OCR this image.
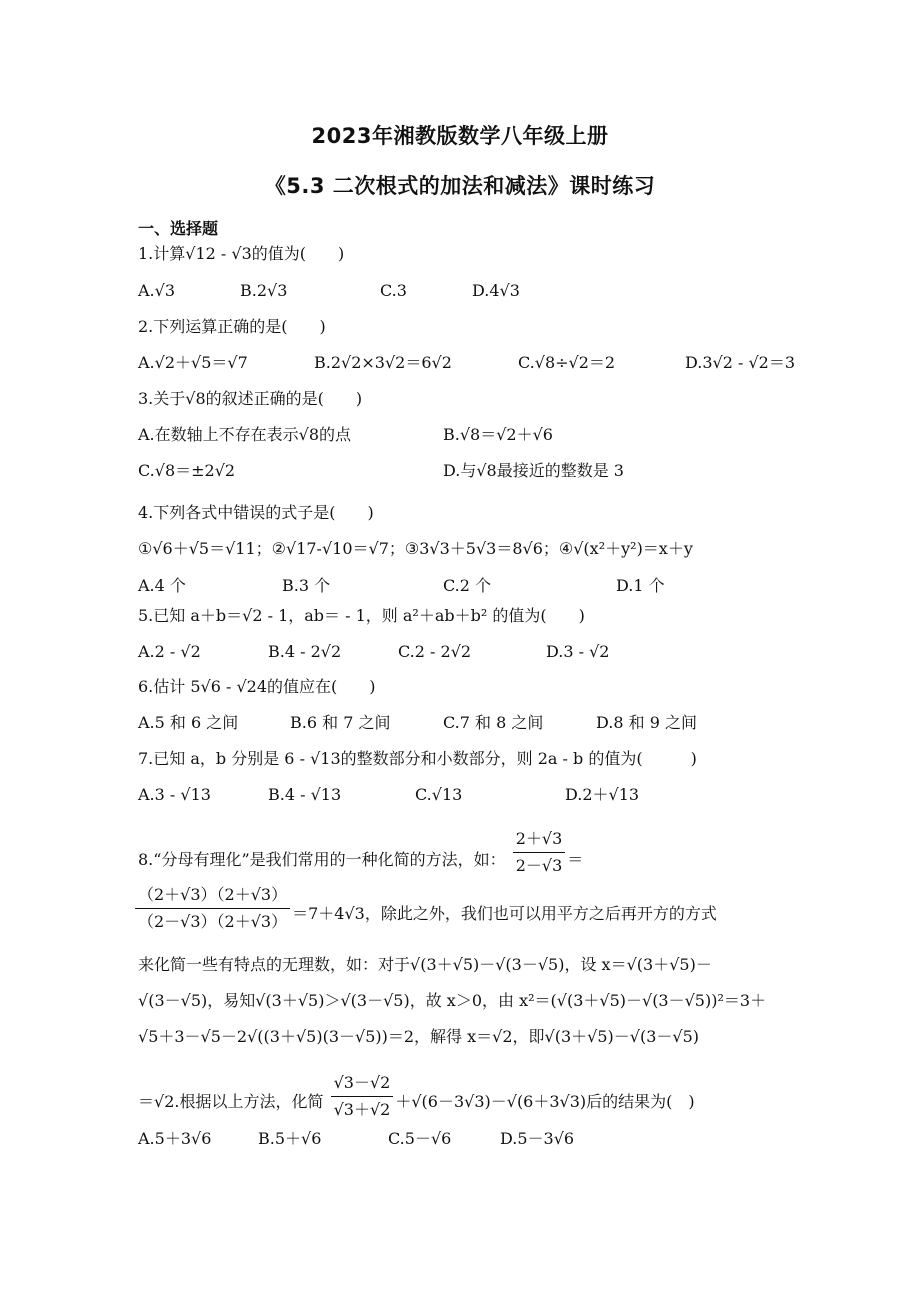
2023年湘教版数学八年级上册
《5.3 二次根式的加法和减法》课时练习
一、选择题
1.计算√12 - √3的值为(　　)
A.√3	B.2√3	C.3	D.4√3
2.下列运算正确的是(　　)
A.√2＋√5＝√7	B.2√2×3√2＝6√2	C.√8÷√2＝2	D.3√2 - √2＝3
3.关于√8的叙述正确的是(　　)
A.在数轴上不存在表示√8的点	B.√8＝√2＋√6
C.√8＝±2√2	D.与√8最接近的整数是 3
4.下列各式中错误的式子是(　　)
①√6＋√5＝√11；②√17-√10＝√7；③3√3＋5√3＝8√6；④√(x²＋y²)＝x＋y
A.4 个	B.3 个	C.2 个	D.1 个
5.已知 a＋b＝√2 - 1，ab＝ - 1，则 a²＋ab＋b² 的值为(　　)
A.2 - √2	B.4 - 2√2	C.2 - 2√2	D.3 - √2
6.估计 5√6 - √24的值应在(　　)
A.5 和 6 之间	B.6 和 7 之间	C.7 和 8 之间	D.8 和 9 之间
7.已知 a，b 分别是 6 - √13的整数部分和小数部分，则 2a - b 的值为(　　　)
A.3 - √13	B.4 - √13	C.√13	D.2＋√13
8.“分母有理化”是我们常用的一种化简的方法，如： $\frac{2+√3}{2-√3}$ ＝
$\frac{(2+√3)(2+√3)}{(2-√3)(2+√3)} =7+4√3$，除此之外，我们也可以用平方之后再开方的方式
来化简一些有特点的无理数，如：对于√(3＋√5)－√(3－√5)，设 x＝√(3＋√5)－
√(3－√5)，易知√(3＋√5)＞√(3－√5)，故 x＞0，由 x²＝(√(3＋√5)－√(3－√5))²＝3＋
√5＋3－√5－2√((3＋√5)(3－√5))＝2，解得 x＝√2，即√(3＋√5)－√(3－√5)
＝√2.根据以上方法，化简 $\frac{√3-√2}{√3+√2} +√(6-3√3)-√(6+3√3)$后的结果为(　)
A.5＋3√6	B.5＋√6	C.5－√6	D.5－3√6
